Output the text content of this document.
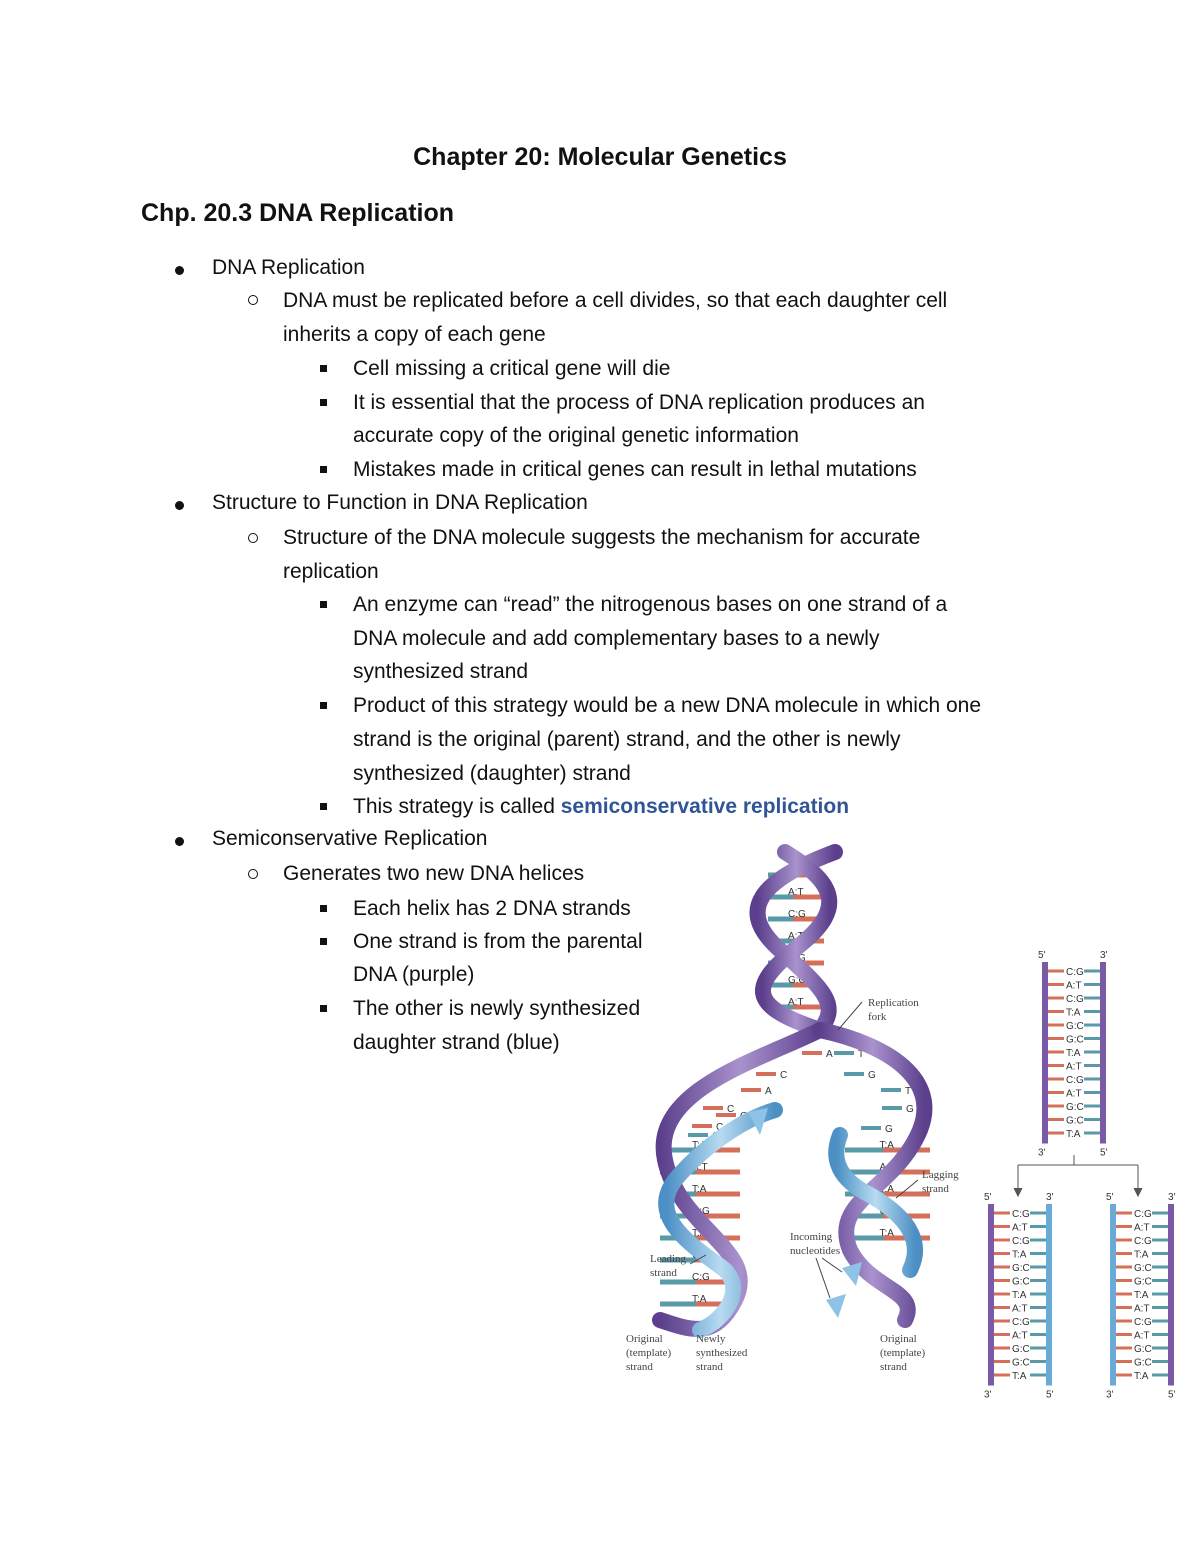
Chapter 20: Molecular Genetics
Chp. 20.3 DNA Replication
DNA Replication
DNA must be replicated before a cell divides, so that each daughter cell
inherits a copy of each gene
Cell missing a critical gene will die
It is essential that the process of DNA replication produces an
accurate copy of the original genetic information
Mistakes made in critical genes can result in lethal mutations
Structure to Function in DNA Replication
Structure of the DNA molecule suggests the mechanism for accurate
replication
An enzyme can “read” the nitrogenous bases on one strand of a
DNA molecule and add complementary bases to a newly
synthesized strand
Product of this strategy would be a new DNA molecule in which one
strand is the original (parent) strand, and the other is newly
synthesized (daughter) strand
This strategy is called semiconservative replication
Semiconservative Replication
Generates two new DNA helices
Each helix has 2 DNA strands
One strand is from the parental
DNA (purple)
The other is newly synthesized
daughter strand (blue)
C:G
A:T
C:G
A:T
C:G
G:C
A:T
T:A
A:T
T:A
C:G
T:A
G:C
C:G
T:A
T:A
A:T
T:A
C:G
T:A
A	T
C	G
A	T
C	G
C	G
C
C
Replication
fork
Lagging
strand
Leading
strand
Incoming
nucleotides
Original
(template)
strand
Newly
synthesized
strand
Original
(template)
strand
C:G
A:T
C:G
T:A
G:C
G:C
T:A
A:T
C:G
A:T
G:C
G:C
T:A
5'	3'
3'	5'
C:G
A:T
C:G
T:A
G:C
G:C
T:A
A:T
C:G
A:T
G:C
G:C
T:A
5'	3'
3'	5'
C:G
A:T
C:G
T:A
G:C
G:C
T:A
A:T
C:G
A:T
G:C
G:C
T:A
5'	3'
3'	5'
